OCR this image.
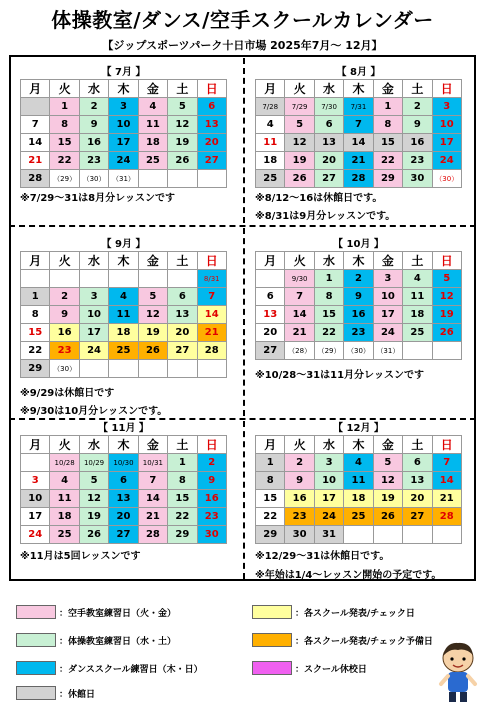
体操教室/ダンス/空手スクールカレンダー
【ジップスポーツパーク十日市場 2025年7月～ 12月】
【 7月 】
月	火	水	木	金	土	日
	1	2	3	4	5	6
7	8	9	10	11	12	13
14	15	16	17	18	19	20
21	22	23	24	25	26	27
28	（29）	（30）	（31）			
【 8月 】
月	火	水	木	金	土	日
7/28	7/29	7/30	7/31	1	2	3
4	5	6	7	8	9	10
11	12	13	14	15	16	17
18	19	20	21	22	23	24
25	26	27	28	29	30	（30）
【 9月 】
月	火	水	木	金	土	日
						8/31
1	2	3	4	5	6	7
8	9	10	11	12	13	14
15	16	17	18	19	20	21
22	23	24	25	26	27	28
29	（30）					
【 10月 】
月	火	水	木	金	土	日
	9/30	1	2	3	4	5
6	7	8	9	10	11	12
13	14	15	16	17	18	19
20	21	22	23	24	25	26
27	（28）	（29）	（30）	（31）		
【 11月 】
月	火	水	木	金	土	日
	10/28	10/29	10/30	10/31	1	2
3	4	5	6	7	8	9
10	11	12	13	14	15	16
17	18	19	20	21	22	23
24	25	26	27	28	29	30
【 12月 】
月	火	水	木	金	土	日
1	2	3	4	5	6	7
8	9	10	11	12	13	14
15	16	17	18	19	20	21
22	23	24	25	26	27	28
29	30	31				
※7/29～31は8月分レッスンです	※8/12～16は休館日です。
※8/31は9月分レッスンです。
※9/29は休館日です
※9/30は10月分レッスンです。
※10/28～31は11月分レッスンです
※11月は5回レッスンです	※12/29～31は休館日です。
※年始は1/4～レッスン開始の予定です。
：空手教室練習日（火・金）
：体操教室練習日（水・土）
：ダンススクール練習日（木・日）
：休館日
：各スクール発表/チェック日
：各スクール発表/チェック予備日
：スクール休校日
